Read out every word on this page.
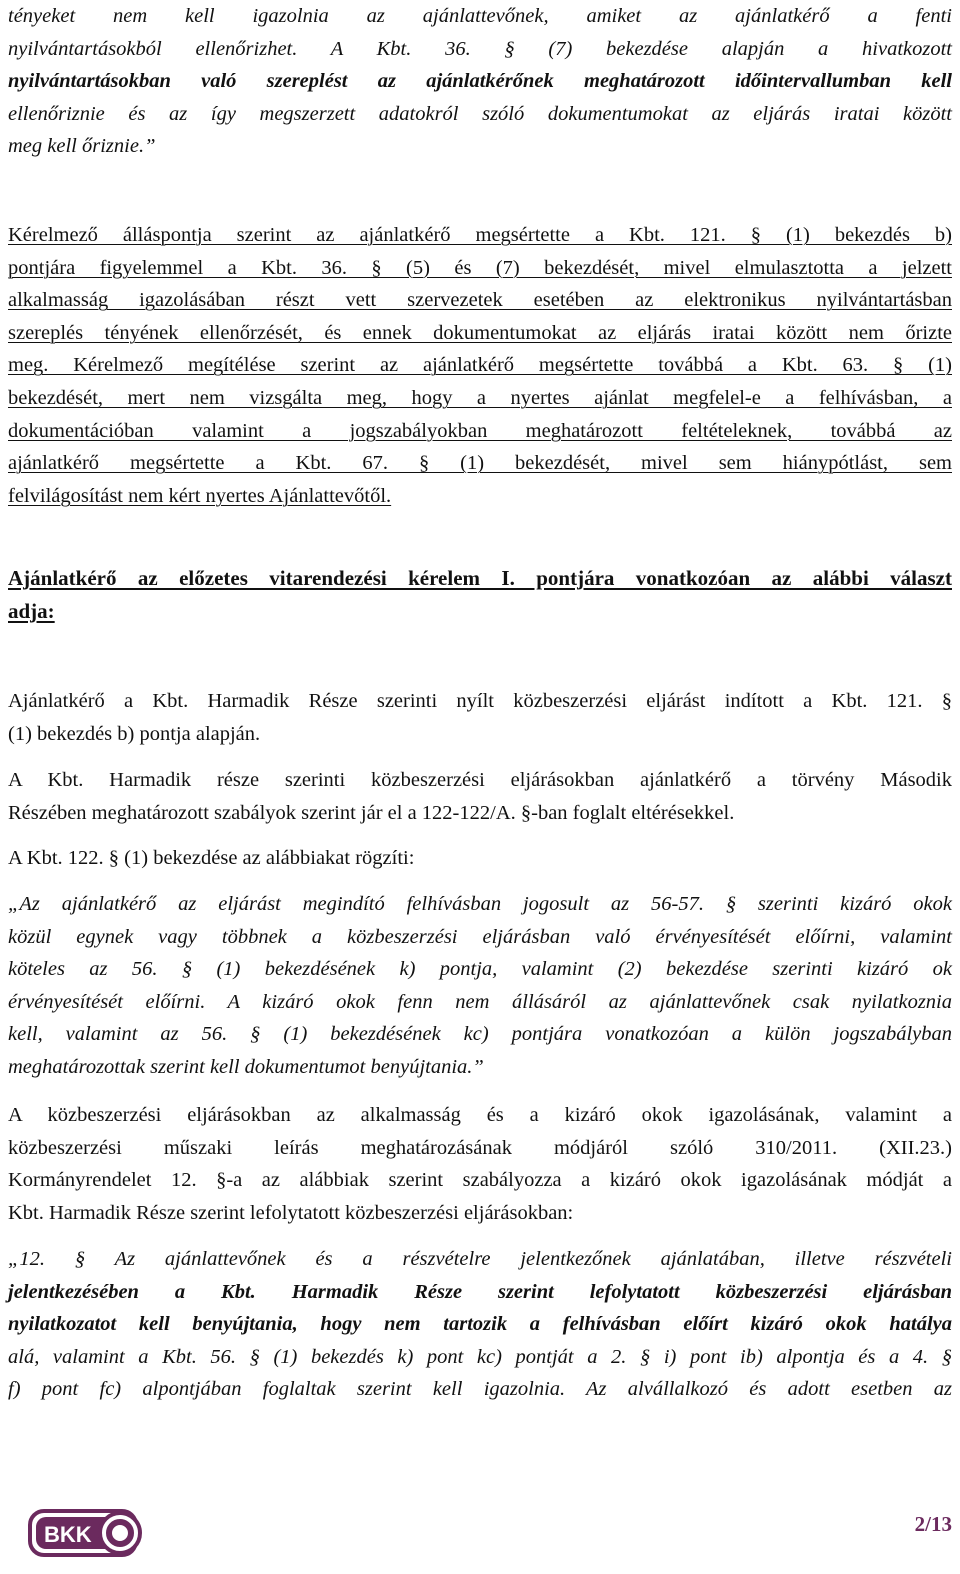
tényeket nem kell igazolnia az ajánlattevőnek, amiket az ajánlatkérő a fenti
nyilvántartásokból ellenőrizhet. A Kbt. 36. § (7) bekezdése alapján a hivatkozott
nyilvántartásokban való szereplést az ajánlatkérőnek meghatározott időintervallumban kell
ellenőriznie és az így megszerzett adatokról szóló dokumentumokat az eljárás iratai között
meg kell őriznie.”
Kérelmező álláspontja szerint az ajánlatkérő megsértette a Kbt. 121. § (1) bekezdés b)
pontjára figyelemmel a Kbt. 36. § (5) és (7) bekezdését, mivel elmulasztotta a jelzett
alkalmasság igazolásában részt vett szervezetek esetében az elektronikus nyilvántartásban
szereplés tényének ellenőrzését, és ennek dokumentumokat az eljárás iratai között nem őrizte
meg. Kérelmező megítélése szerint az ajánlatkérő megsértette továbbá a Kbt. 63. § (1)
bekezdését, mert nem vizsgálta meg, hogy a nyertes ajánlat megfelel-e a felhívásban, a
dokumentációban valamint a jogszabályokban meghatározott feltételeknek, továbbá az
ajánlatkérő megsértette a Kbt. 67. § (1) bekezdését, mivel sem hiánypótlást, sem
felvilágosítást nem kért nyertes Ajánlattevőtől.
Ajánlatkérő az előzetes vitarendezési kérelem I. pontjára vonatkozóan az alábbi választ
adja:
Ajánlatkérő a Kbt. Harmadik Része szerinti nyílt közbeszerzési eljárást indított a Kbt. 121. §
(1) bekezdés b) pontja alapján.
A Kbt. Harmadik része szerinti közbeszerzési eljárásokban ajánlatkérő a törvény Második
Részében meghatározott szabályok szerint jár el a 122-122/A. §-ban foglalt eltérésekkel.
A Kbt. 122. § (1) bekezdése az alábbiakat rögzíti:
„Az ajánlatkérő az eljárást megindító felhívásban jogosult az 56-57. § szerinti kizáró okok
közül egynek vagy többnek a közbeszerzési eljárásban való érvényesítését előírni, valamint
köteles az 56. § (1) bekezdésének k) pontja, valamint (2) bekezdése szerinti kizáró ok
érvényesítését előírni. A kizáró okok fenn nem állásáról az ajánlattevőnek csak nyilatkoznia
kell, valamint az 56. § (1) bekezdésének kc) pontjára vonatkozóan a külön jogszabályban
meghatározottak szerint kell dokumentumot benyújtania.”
A közbeszerzési eljárásokban az alkalmasság és a kizáró okok igazolásának, valamint a
közbeszerzési műszaki leírás meghatározásának módjáról szóló 310/2011. (XII.23.)
Kormányrendelet 12. §-a az alábbiak szerint szabályozza a kizáró okok igazolásának módját a
Kbt. Harmadik Része szerint lefolytatott közbeszerzési eljárásokban:
„12. § Az ajánlattevőnek és a részvételre jelentkezőnek ajánlatában, illetve részvételi
jelentkezésében a Kbt. Harmadik Része szerint lefolytatott közbeszerzési eljárásban
nyilatkozatot kell benyújtania, hogy nem tartozik a felhívásban előírt kizáró okok hatálya
alá, valamint a Kbt. 56. § (1) bekezdés k) pont kc) pontját a 2. § i) pont ib) alpontja és a 4. §
f) pont fc) alpontjában foglaltak szerint kell igazolnia. Az alvállalkozó és adott esetben az
BKK	2/13
